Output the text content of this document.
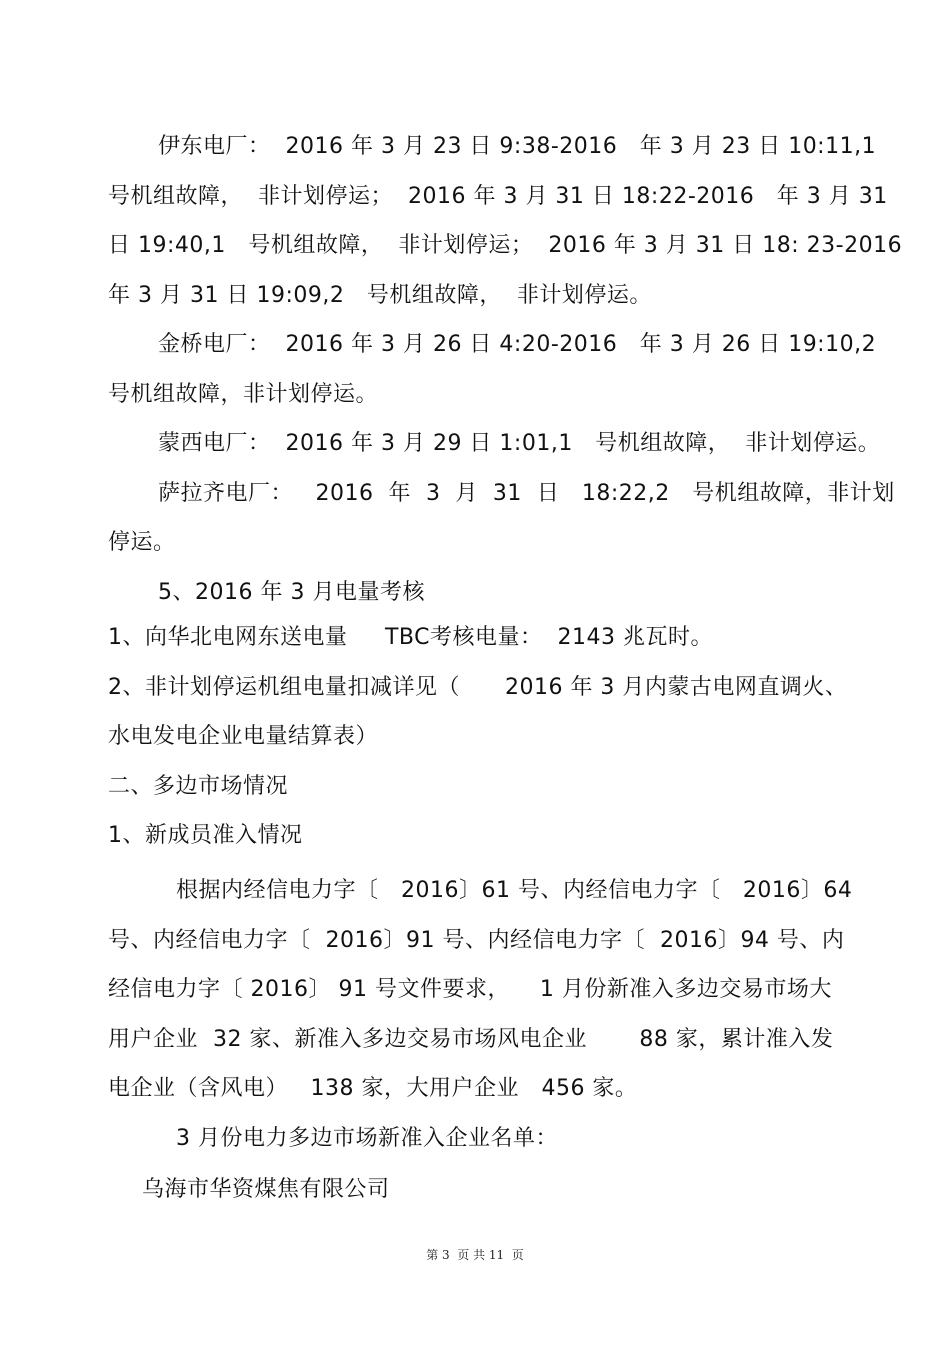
伊东电厂：  2016 年 3 月 23 日 9:38-2016   年 3 月 23 日 10:11,1
号机组故障，  非计划停运；  2016 年 3 月 31 日 18:22-2016   年 3 月 31
日 19:40,1   号机组故障，  非计划停运；  2016 年 3 月 31 日 18: 23-2016
年 3 月 31 日 19:09,2   号机组故障，  非计划停运。
金桥电厂：  2016 年 3 月 26 日 4:20-2016   年 3 月 26 日 19:10,2
号机组故障，非计划停运。
蒙西电厂：  2016 年 3 月 29 日 1:01,1   号机组故障，  非计划停运。
萨拉齐电厂：   2016  年  3  月  31  日   18:22,2   号机组故障，非计划
停运。
5、2016 年 3 月电量考核
1、向华北电网东送电量     TBC考核电量：  2143 兆瓦时。
2、非计划停运机组电量扣减详见（      2016 年 3 月内蒙古电网直调火、
水电发电企业电量结算表）
二、多边市场情况
1、新成员准入情况
根据内经信电力字〔   2016〕61 号、内经信电力字〔   2016〕64
号、内经信电力字〔  2016〕91 号、内经信电力字〔  2016〕94 号、内
经信电力字〔 2016〕 91 号文件要求，    1 月份新准入多边交易市场大
用户企业  32 家、新准入多边交易市场风电企业       88 家，累计准入发
电企业（含风电）   138 家，大用户企业   456 家。
3 月份电力多边市场新准入企业名单：
乌海市华资煤焦有限公司
第 3  页 共 11  页
